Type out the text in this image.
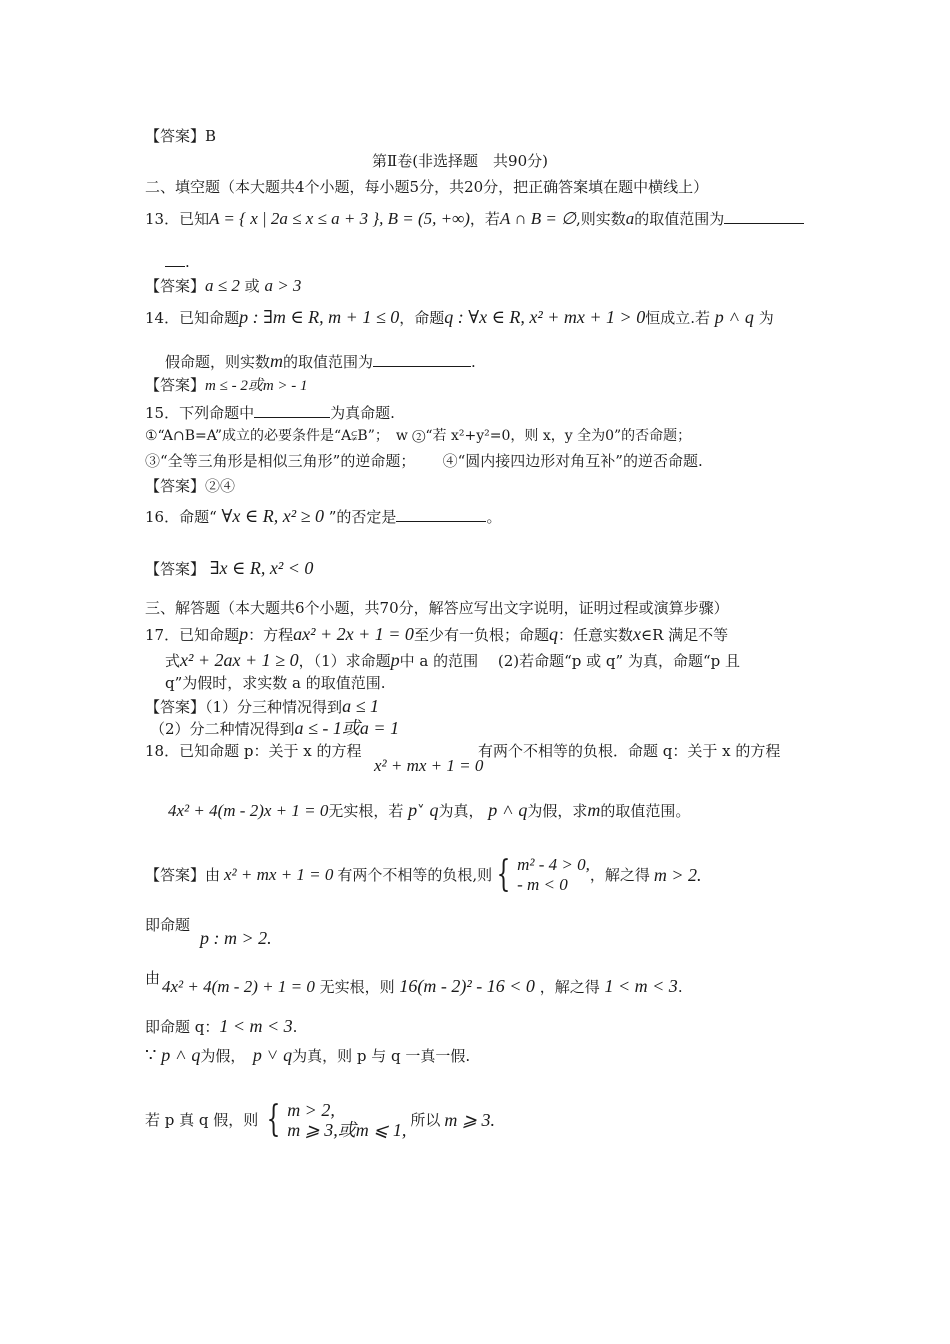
【答案】B
第Ⅱ卷(非选择题　共90分)
二、填空题（本大题共4个小题，每小题5分，共20分，把正确答案填在题中横线上）
13．已知A = { x | 2a ≤ x ≤ a + 3 }, B = (5, +∞)，若A ∩ B = ∅,则实数a的取值范围为
.
【答案】a ≤ 2 或 a > 3
14．已知命题p : ∃m ∈ R, m + 1 ≤ 0，命题q : ∀x ∈ R, x² + mx + 1 > 0恒成立.若 p ˄ q 为
假命题，则实数m的取值范围为	.
【答案】m ≤ - 2或m > - 1
15．下列命题中	为真命题.
①“A∩B=A”成立的必要条件是“A⫋B”；　w ②“若 x²+y²=0，则 x，y 全为0”的否命题；
③“全等三角形是相似三角形”的逆命题；　　 ④“圆内接四边形对角互补”的逆否命题.
【答案】②④
16．命题“ ∀x ∈ R, x² ≥ 0 ”的否定是	。
【答案】 ∃x ∈ R, x² < 0
三、解答题（本大题共6个小题，共70分，解答应写出文字说明，证明过程或演算步骤）
17．已知命题p：方程ax² + 2x + 1 = 0至少有一负根；命题q：任意实数x∈R 满足不等
式x² + 2ax + 1 ≥ 0，（1）求命题p中 a 的范围　 (2)若命题“p 或 q” 为真，命题“p 且
q”为假时，求实数 a 的取值范围.
【答案】（1）分三种情况得到a ≤ 1
（2）分二种情况得到a ≤ - 1或a = 1
18．已知命题 p：关于 x 的方程
x² + mx + 1 = 0
有两个不相等的负根．命题 q：关于 x 的方程
4x² + 4(m - 2)x + 1 = 0无实根，若 p˅ q为真， p ˄ q为假，求m的取值范围。
【答案】由 x² + mx + 1 = 0 有两个不相等的负根,则 { m² - 4 > 0,
- m < 0	，解之得 m > 2.
即命题
p : m > 2.
由 4x² + 4(m - 2) + 1 = 0 无实根，则 16(m - 2)² - 16 < 0 ，解之得 1 < m < 3.
即命题 q：1 < m < 3.
∵ p ˄ q为假，　 p ˅ q为真，则 p 与 q 一真一假.
若 p 真 q 假，则 { m > 2,
m ⩾ 3,或m ⩽ 1, 所以 m ⩾ 3.
